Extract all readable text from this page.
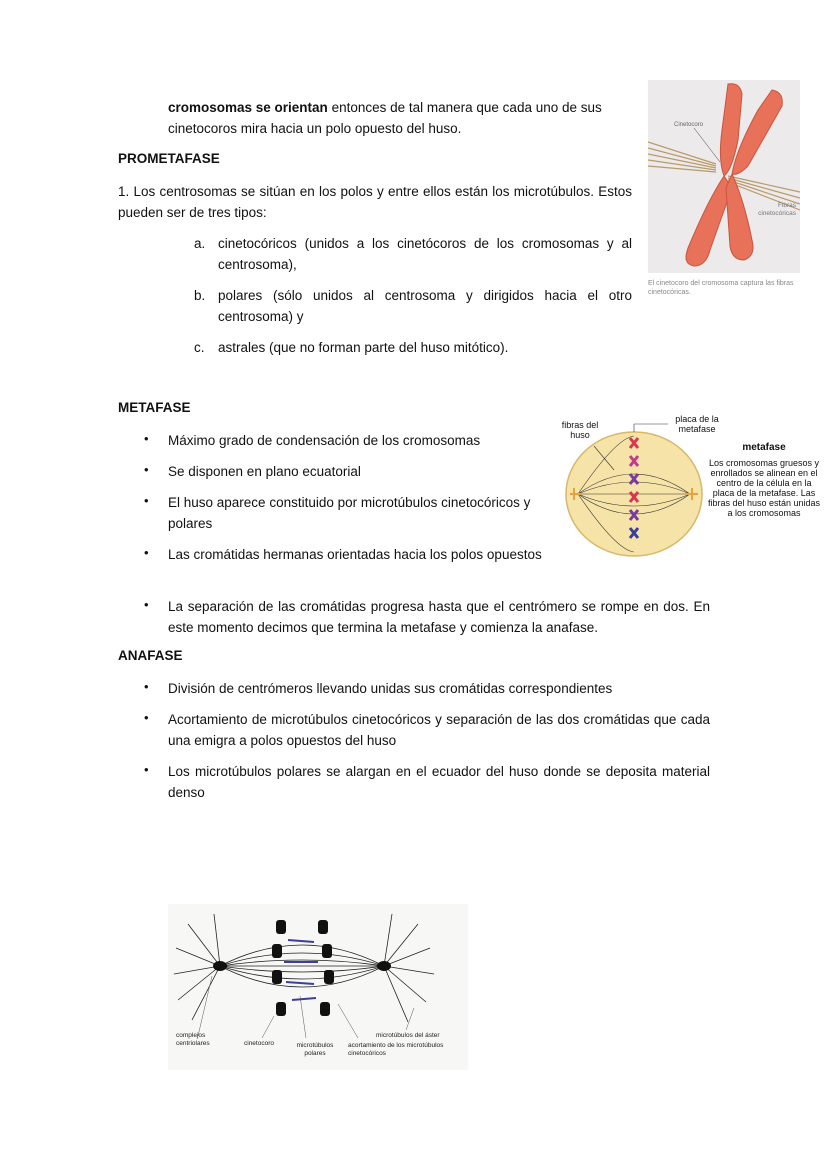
cromosomas se orientan entonces de tal manera que cada uno de sus
cinetocoros mira hacia un polo opuesto del huso.
PROMETAFASE
1. Los centrosomas se sitúan en los polos y entre ellos están los microtúbulos. Estos pueden ser de tres tipos:
a. cinetocóricos (unidos a los cinetócoros de los cromosomas y al centrosoma),
b. polares (sólo unidos al centrosoma y dirigidos hacia el otro centrosoma) y
c. astrales (que no forman parte del huso mitótico).
Cinetocoro
Fibras cinetocóricas
El cinetocoro del cromosoma captura las fibras cinetocóricas.
METAFASE
• Máximo grado de condensación de los cromosomas
• Se disponen en plano ecuatorial
• El huso aparece constituido por microtúbulos cinetocóricos y polares
• Las cromátidas hermanas orientadas hacia los polos opuestos
• La separación de las cromátidas progresa hasta que el centrómero se rompe en dos. En este momento decimos que termina la metafase y comienza la anafase.
fibras del huso
placa de la metafase
metafase
Los cromosomas gruesos y enrollados se alinean en el centro de la célula en la placa de la metafase. Las fibras del huso están unidas a los cromosomas
ANAFASE
• División de centrómeros llevando unidas sus cromátidas correspondientes
• Acortamiento de microtúbulos cinetocóricos y separación de las dos cromátidas que cada una emigra a polos opuestos del huso
• Los microtúbulos polares se alargan en el ecuador del huso donde se deposita material denso
complejos centriolares	cinetocoro	microtúbulos polares
microtúbulos del áster
acortamiento de los microtúbulos cinetocóricos
